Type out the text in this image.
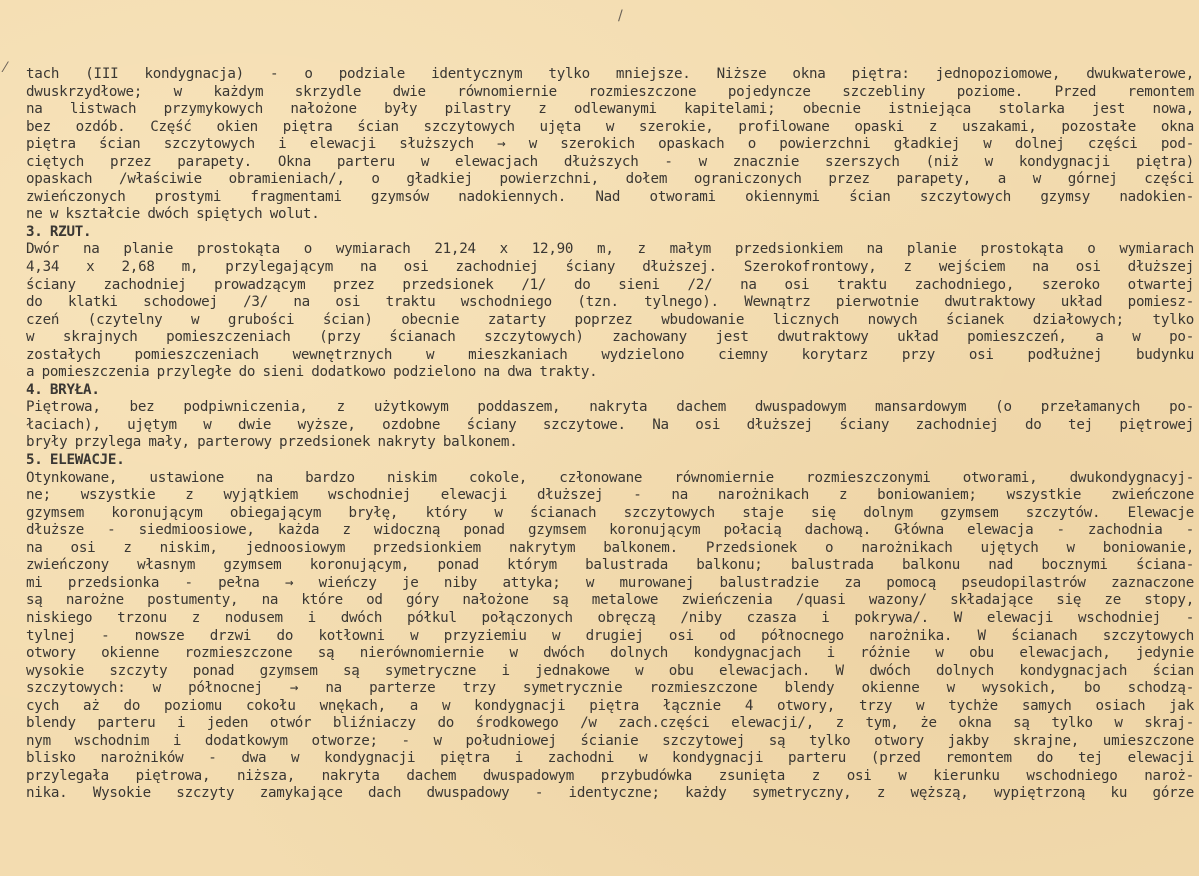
tach (III kondygnacja) - o podziale identycznym tylko mniejsze. Niższe okna piętra: jednopoziomowe, dwukwaterowe,
dwuskrzydłowe; w każdym skrzydle dwie równomiernie rozmieszczone pojedyncze szczebliny poziome. Przed remontem
na listwach przymykowych nałożone były pilastry z odlewanymi kapitelami; obecnie istniejąca stolarka jest nowa,
bez ozdób. Część okien piętra ścian szczytowych ujęta w szerokie, profilowane opaski z uszakami, pozostałe okna
piętra ścian szczytowych i elewacji służszych → w szerokich opaskach o powierzchni gładkiej w dolnej części pod-
ciętych przez parapety. Okna parteru w elewacjach dłuższych - w znacznie szerszych (niż w kondygnacji piętra)
opaskach /właściwie obramieniach/, o gładkiej powierzchni, dołem ograniczonych przez parapety, a w górnej części
zwieńczonych prostymi fragmentami gzymsów nadokiennych. Nad otworami okiennymi ścian szczytowych gzymsy nadokien-
ne w kształcie dwóch spiętych wolut.
3. RZUT.
Dwór na planie prostokąta o wymiarach 21,24 x 12,90 m, z małym przedsionkiem na planie prostokąta o wymiarach
4,34 x 2,68 m, przylegającym na osi zachodniej ściany dłuższej. Szerokofrontowy, z wejściem na osi dłuższej
ściany zachodniej prowadzącym przez przedsionek /1/ do sieni /2/ na osi traktu zachodniego, szeroko otwartej
do klatki schodowej /3/ na osi traktu wschodniego (tzn. tylnego). Wewnątrz pierwotnie dwutraktowy układ pomiesz-
czeń (czytelny w grubości ścian) obecnie zatarty poprzez wbudowanie licznych nowych ścianek działowych; tylko
w skrajnych pomieszczeniach (przy ścianach szczytowych) zachowany jest dwutraktowy układ pomieszczeń, a w po-
zostałych pomieszczeniach wewnętrznych w mieszkaniach wydzielono ciemny korytarz przy osi podłużnej budynku
a pomieszczenia przyległe do sieni dodatkowo podzielono na dwa trakty.
4. BRYŁA.
Piętrowa, bez podpiwniczenia, z użytkowym poddaszem, nakryta dachem dwuspadowym mansardowym (o przełamanych po-
łaciach), ujętym w dwie wyższe, ozdobne ściany szczytowe. Na osi dłuższej ściany zachodniej do tej piętrowej
bryły przylega mały, parterowy przedsionek nakryty balkonem.
5. ELEWACJE.
Otynkowane, ustawione na bardzo niskim cokole, członowane równomiernie rozmieszczonymi otworami, dwukondygnacyj-
ne; wszystkie z wyjątkiem wschodniej elewacji dłuższej - na narożnikach z boniowaniem; wszystkie zwieńczone
gzymsem koronującym obiegającym bryłę, który w ścianach szczytowych staje się dolnym gzymsem szczytów. Elewacje
dłuższe - siedmioosiowe, każda z widoczną ponad gzymsem koronującym połacią dachową. Główna elewacja - zachodnia -
na osi z niskim, jednoosiowym przedsionkiem nakrytym balkonem. Przedsionek o narożnikach ujętych w boniowanie,
zwieńczony własnym gzymsem koronującym, ponad którym balustrada balkonu; balustrada balkonu nad bocznymi ściana-
mi przedsionka - pełna → wieńczy je niby attyka; w murowanej balustradzie za pomocą pseudopilastrów zaznaczone
są narożne postumenty, na które od góry nałożone są metalowe zwieńczenia /quasi wazony/ składające się ze stopy,
niskiego trzonu z nodusem i dwóch półkul połączonych obręczą /niby czasza i pokrywa/. W elewacji wschodniej -
tylnej - nowsze drzwi do kotłowni w przyziemiu w drugiej osi od północnego narożnika. W ścianach szczytowych
otwory okienne rozmieszczone są nierównomiernie w dwóch dolnych kondygnacjach i różnie w obu elewacjach, jedynie
wysokie szczyty ponad gzymsem są symetryczne i jednakowe w obu elewacjach. W dwóch dolnych kondygnacjach ścian
szczytowych: w północnej → na parterze trzy symetrycznie rozmieszczone blendy okienne w wysokich, bo schodzą-
cych aż do poziomu cokołu wnękach, a w kondygnacji piętra łącznie 4 otwory, trzy w tychże samych osiach jak
blendy parteru i jeden otwór bliźniaczy do środkowego /w zach.części elewacji/, z tym, że okna są tylko w skraj-
nym wschodnim i dodatkowym otworze; - w południowej ścianie szczytowej są tylko otwory jakby skrajne, umieszczone
blisko narożników - dwa w kondygnacji piętra i zachodni w kondygnacji parteru (przed remontem do tej elewacji
przylegała piętrowa, niższa, nakryta dachem dwuspadowym przybudówka zsunięta z osi w kierunku wschodniego naroż-
nika. Wysokie szczyty zamykające dach dwuspadowy - identyczne; każdy symetryczny, z węższą, wypiętrzoną ku górze
/
⁄
